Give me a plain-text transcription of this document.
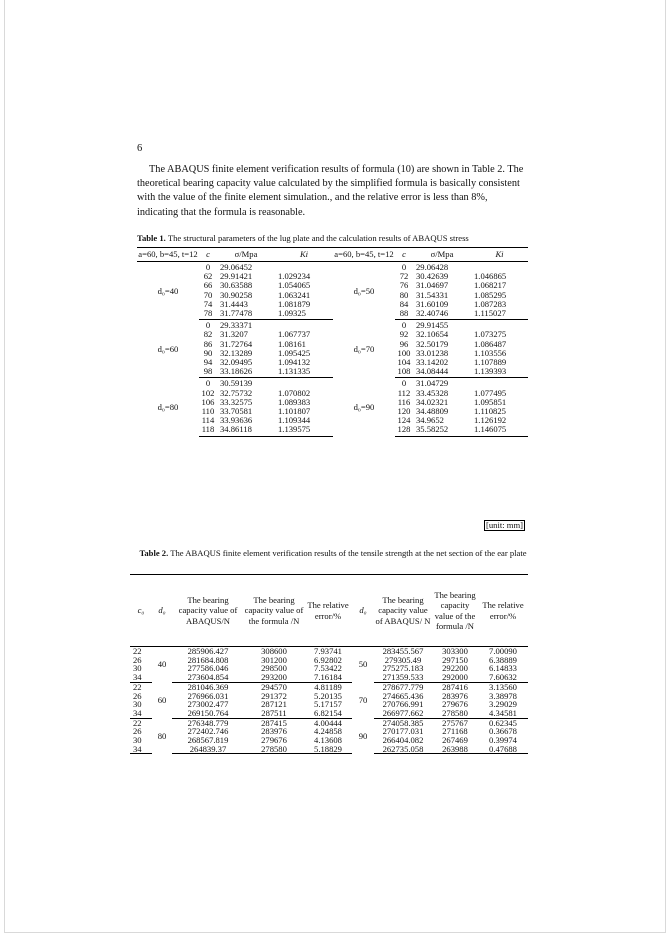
6

The ABAQUS finite element verification results of formula (10) are shown in Table 2. The theoretical bearing capacity value calculated by the simplified formula is basically consistent with the value of the finite element simulation., and the relative error is less than 8%, indicating that the formula is reasonable.

Table 1. The structural parameters of the lug plate and the calculation results of ABAQUS stress
a=60, b=45, t=12	c	σ/Mpa	Ki	a=60, b=45, t=12	c	σ/Mpa	Ki
d₀=40	0	29.06452		d₀=50	0	29.06428	
	62	29.91421	1.029234		72	30.42639	1.046865
	66	30.63588	1.054065		76	31.04697	1.068217
	70	30.90258	1.063241		80	31.54331	1.085295
	74	31.4443	1.081879		84	31.60109	1.087283
	78	31.77478	1.09325		88	32.40746	1.115027
d₀=60	0	29.33371		d₀=70	0	29.91455	
	82	31.3207	1.067737		92	32.10654	1.073275
	86	31.72764	1.08161		96	32.50179	1.086487
	90	32.13289	1.095425		100	33.01238	1.103556
	94	32.09495	1.094132		104	33.14202	1.107889
	98	33.18626	1.131335		108	34.08444	1.139393
d₀=80	0	30.59139		d₀=90	0	31.04729	
	102	32.75732	1.070802		112	33.45328	1.077495
	106	33.32575	1.089383		116	34.02321	1.095851
	110	33.70581	1.101807		120	34.48809	1.110825
	114	33.93636	1.109344		124	34.9652	1.126192
	118	34.86118	1.139575		128	35.58252	1.146075
[unit: mm]
Table 2. The ABAQUS finite element verification results of the tensile strength at the net section of the ear plate
c₀	d₀	The bearing capacity value of ABAQUS/N	The bearing capacity value of the formula /N	The relative error/%	d₀	The bearing capacity value of ABAQUS/ N	The bearing capacity value of the formula /N	The relative error/%
22	40	285906.427	308600	7.93741	50	283455.567	303300	7.00090
26		281684.808	301200	6.92802		279305.49	297150	6.38889
30		277586.046	298500	7.53422		275275.183	292200	6.14833
34		273604.854	293200	7.16184		271359.533	292000	7.60632
22	60	281046.369	294570	4.81189	70	278677.779	287416	3.13560
26		276966.031	291372	5.20135		274665.436	283976	3.38978
30		273002.477	287121	5.17157		270766.991	279676	3.29029
34		269150.764	287511	6.82154		266977.662	278580	4.34581
22	80	276348.779	287415	4.00444	90	274058.385	275767	0.62345
26		272402.746	283976	4.24858		270177.031	271168	0.36678
30		268567.819	279676	4.13608		266404.082	267469	0.39974
34		264839.37	278580	5.18829		262735.058	263988	0.47688
